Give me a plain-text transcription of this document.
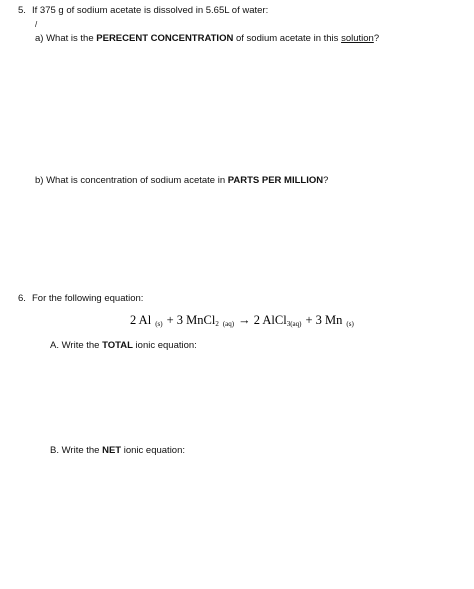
5. If 375 g of sodium acetate is dissolved in 5.65L of water:
/
a) What is the PERECENT CONCENTRATION of sodium acetate in this solution?
b) What is concentration of sodium acetate in PARTS PER MILLION?
6. For the following equation:
2 Al $_{(s)}$ + 3 MnCl$_2$ $_{(aq)}$ → 2 AlCl$_{3(aq)}$ + 3 Mn $_{(s)}$
A. Write the TOTAL ionic equation:
B. Write the NET ionic equation:
